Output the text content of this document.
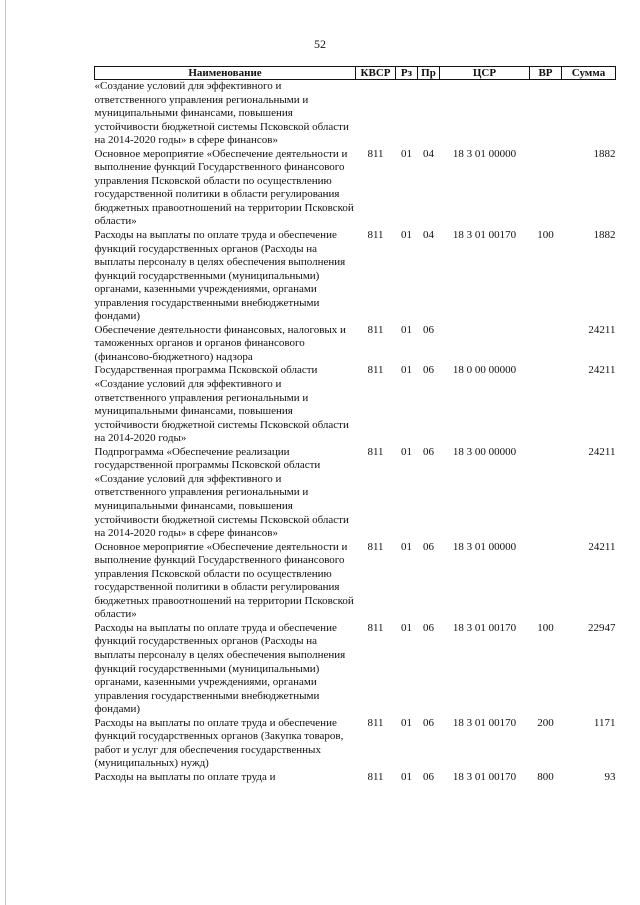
52
Наименование	КВСР	Рз	Пр	ЦСР	ВР	Сумма
«Создание условий для эффективного и ответственного управления региональными и муниципальными финансами, повышения устойчивости бюджетной системы Псковской области на 2014-2020 годы» в сфере финансов»						
Основное мероприятие «Обеспечение деятельности и выполнение функций Государственного финансового управления Псковской области по осуществлению государственной политики в области регулирования бюджетных правоотношений на территории Псковской области»	811	01	04	18 3 01 00000		1882
Расходы на выплаты по оплате труда и обеспечение функций государственных органов (Расходы на выплаты персоналу в целях обеспечения выполнения функций государственными (муниципальными) органами, казенными учреждениями, органами управления государственными внебюджетными фондами)	811	01	04	18 3 01 00170	100	1882
Обеспечение деятельности финансовых, налоговых и таможенных органов и органов финансового (финансово-бюджетного) надзора	811	01	06			24211
Государственная программа Псковской области «Создание условий для эффективного и ответственного управления региональными и муниципальными финансами, повышения устойчивости бюджетной системы Псковской области на 2014-2020 годы»	811	01	06	18 0 00 00000		24211
Подпрограмма «Обеспечение реализации государственной программы Псковской области «Создание условий для эффективного и ответственного управления региональными и муниципальными финансами, повышения устойчивости бюджетной системы Псковской области на 2014-2020 годы» в сфере финансов»	811	01	06	18 3 00 00000		24211
Основное мероприятие «Обеспечение деятельности и выполнение функций Государственного финансового управления Псковской области по осуществлению государственной политики в области регулирования бюджетных правоотношений на территории Псковской области»	811	01	06	18 3 01 00000		24211
Расходы на выплаты по оплате труда и обеспечение функций государственных органов (Расходы на выплаты персоналу в целях обеспечения выполнения функций государственными (муниципальными) органами, казенными учреждениями, органами управления государственными внебюджетными фондами)	811	01	06	18 3 01 00170	100	22947
Расходы на выплаты по оплате труда и обеспечение функций государственных органов (Закупка товаров, работ и услуг для обеспечения государственных (муниципальных) нужд)	811	01	06	18 3 01 00170	200	1171
Расходы на выплаты по оплате труда и	811	01	06	18 3 01 00170	800	93
